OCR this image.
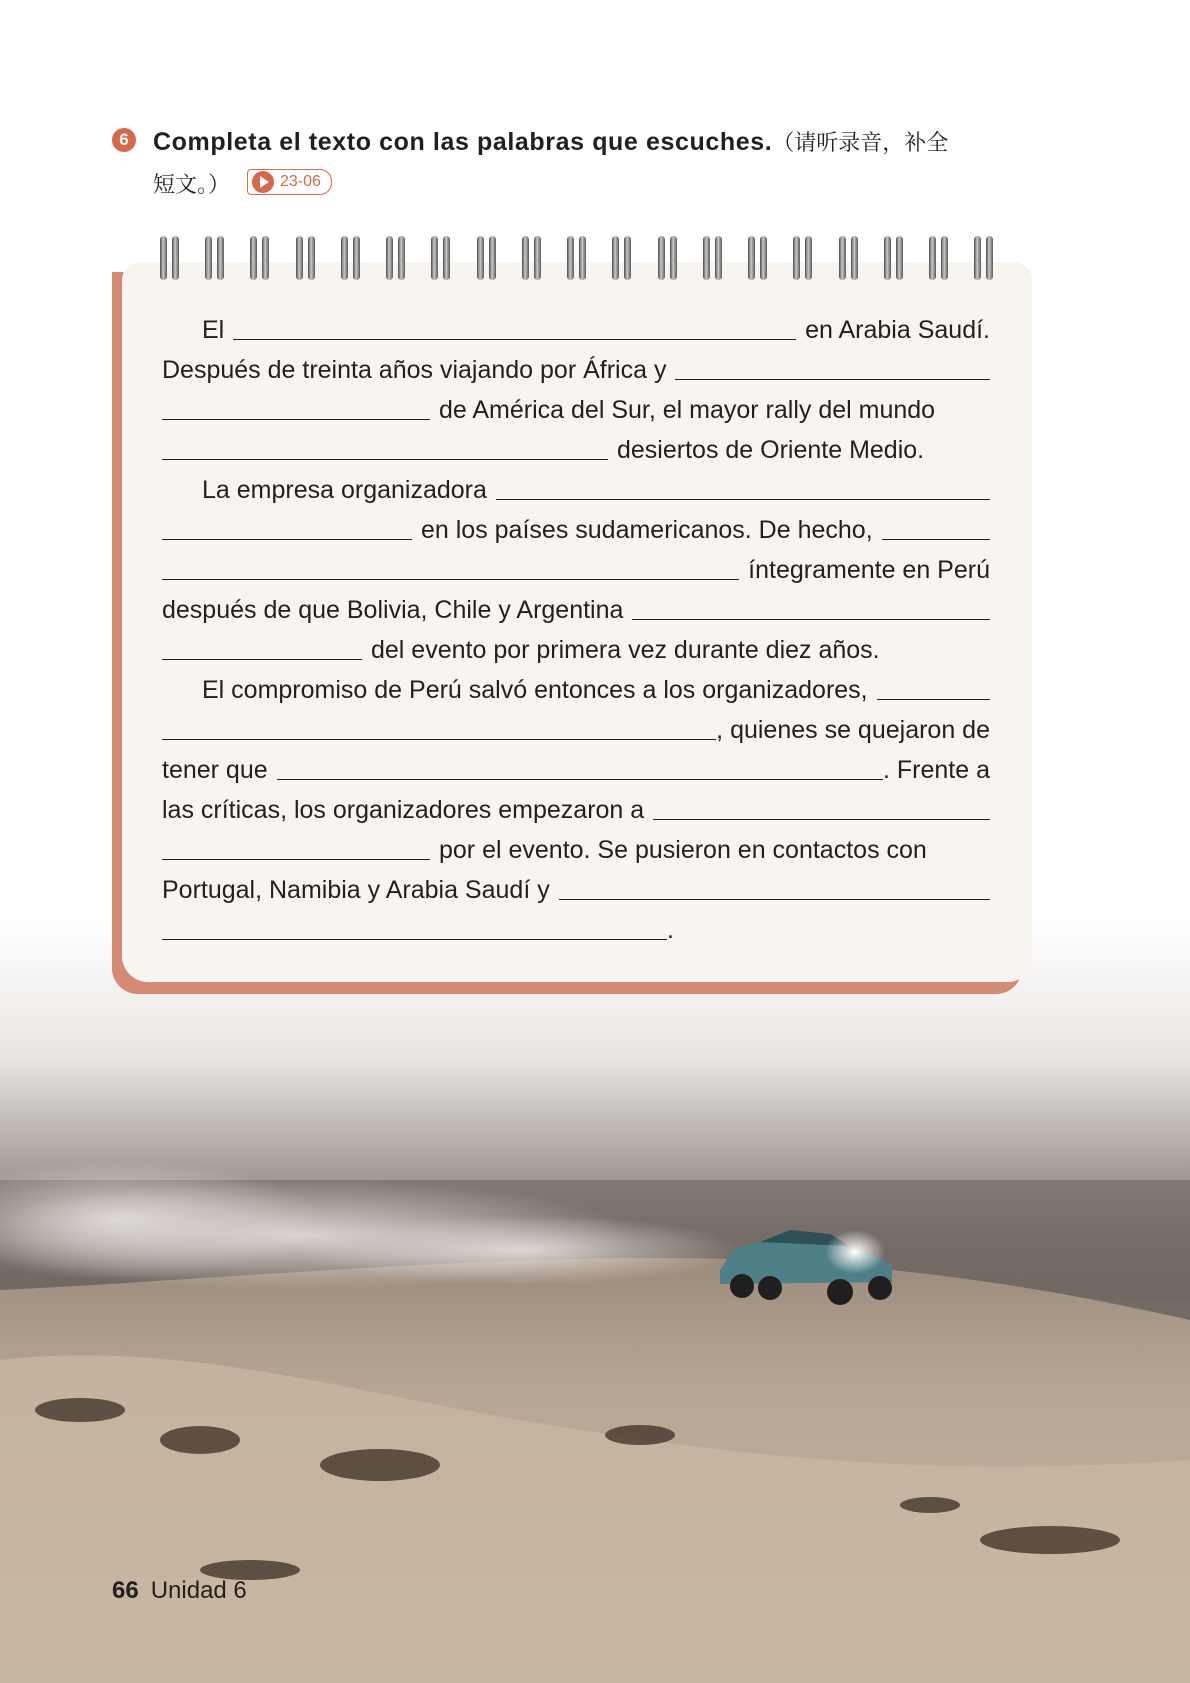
6 Completa el texto con las palabras que escuches.（请听录音，补全
短文。）	23-06
El	en Arabia Saudí.
Después de treinta años viajando por África y
de América del Sur, el mayor rally del mundo
desiertos de Oriente Medio.
La empresa organizadora
en los países sudamericanos. De hecho,
íntegramente en Perú
después de que Bolivia, Chile y Argentina
del evento por primera vez durante diez años.
El compromiso de Perú salvó entonces a los organizadores,
, quienes se quejaron de
tener que	. Frente a
las críticas, los organizadores empezaron a
por el evento. Se pusieron en contactos con
Portugal, Namibia y Arabia Saudí y
.
66 Unidad 6
